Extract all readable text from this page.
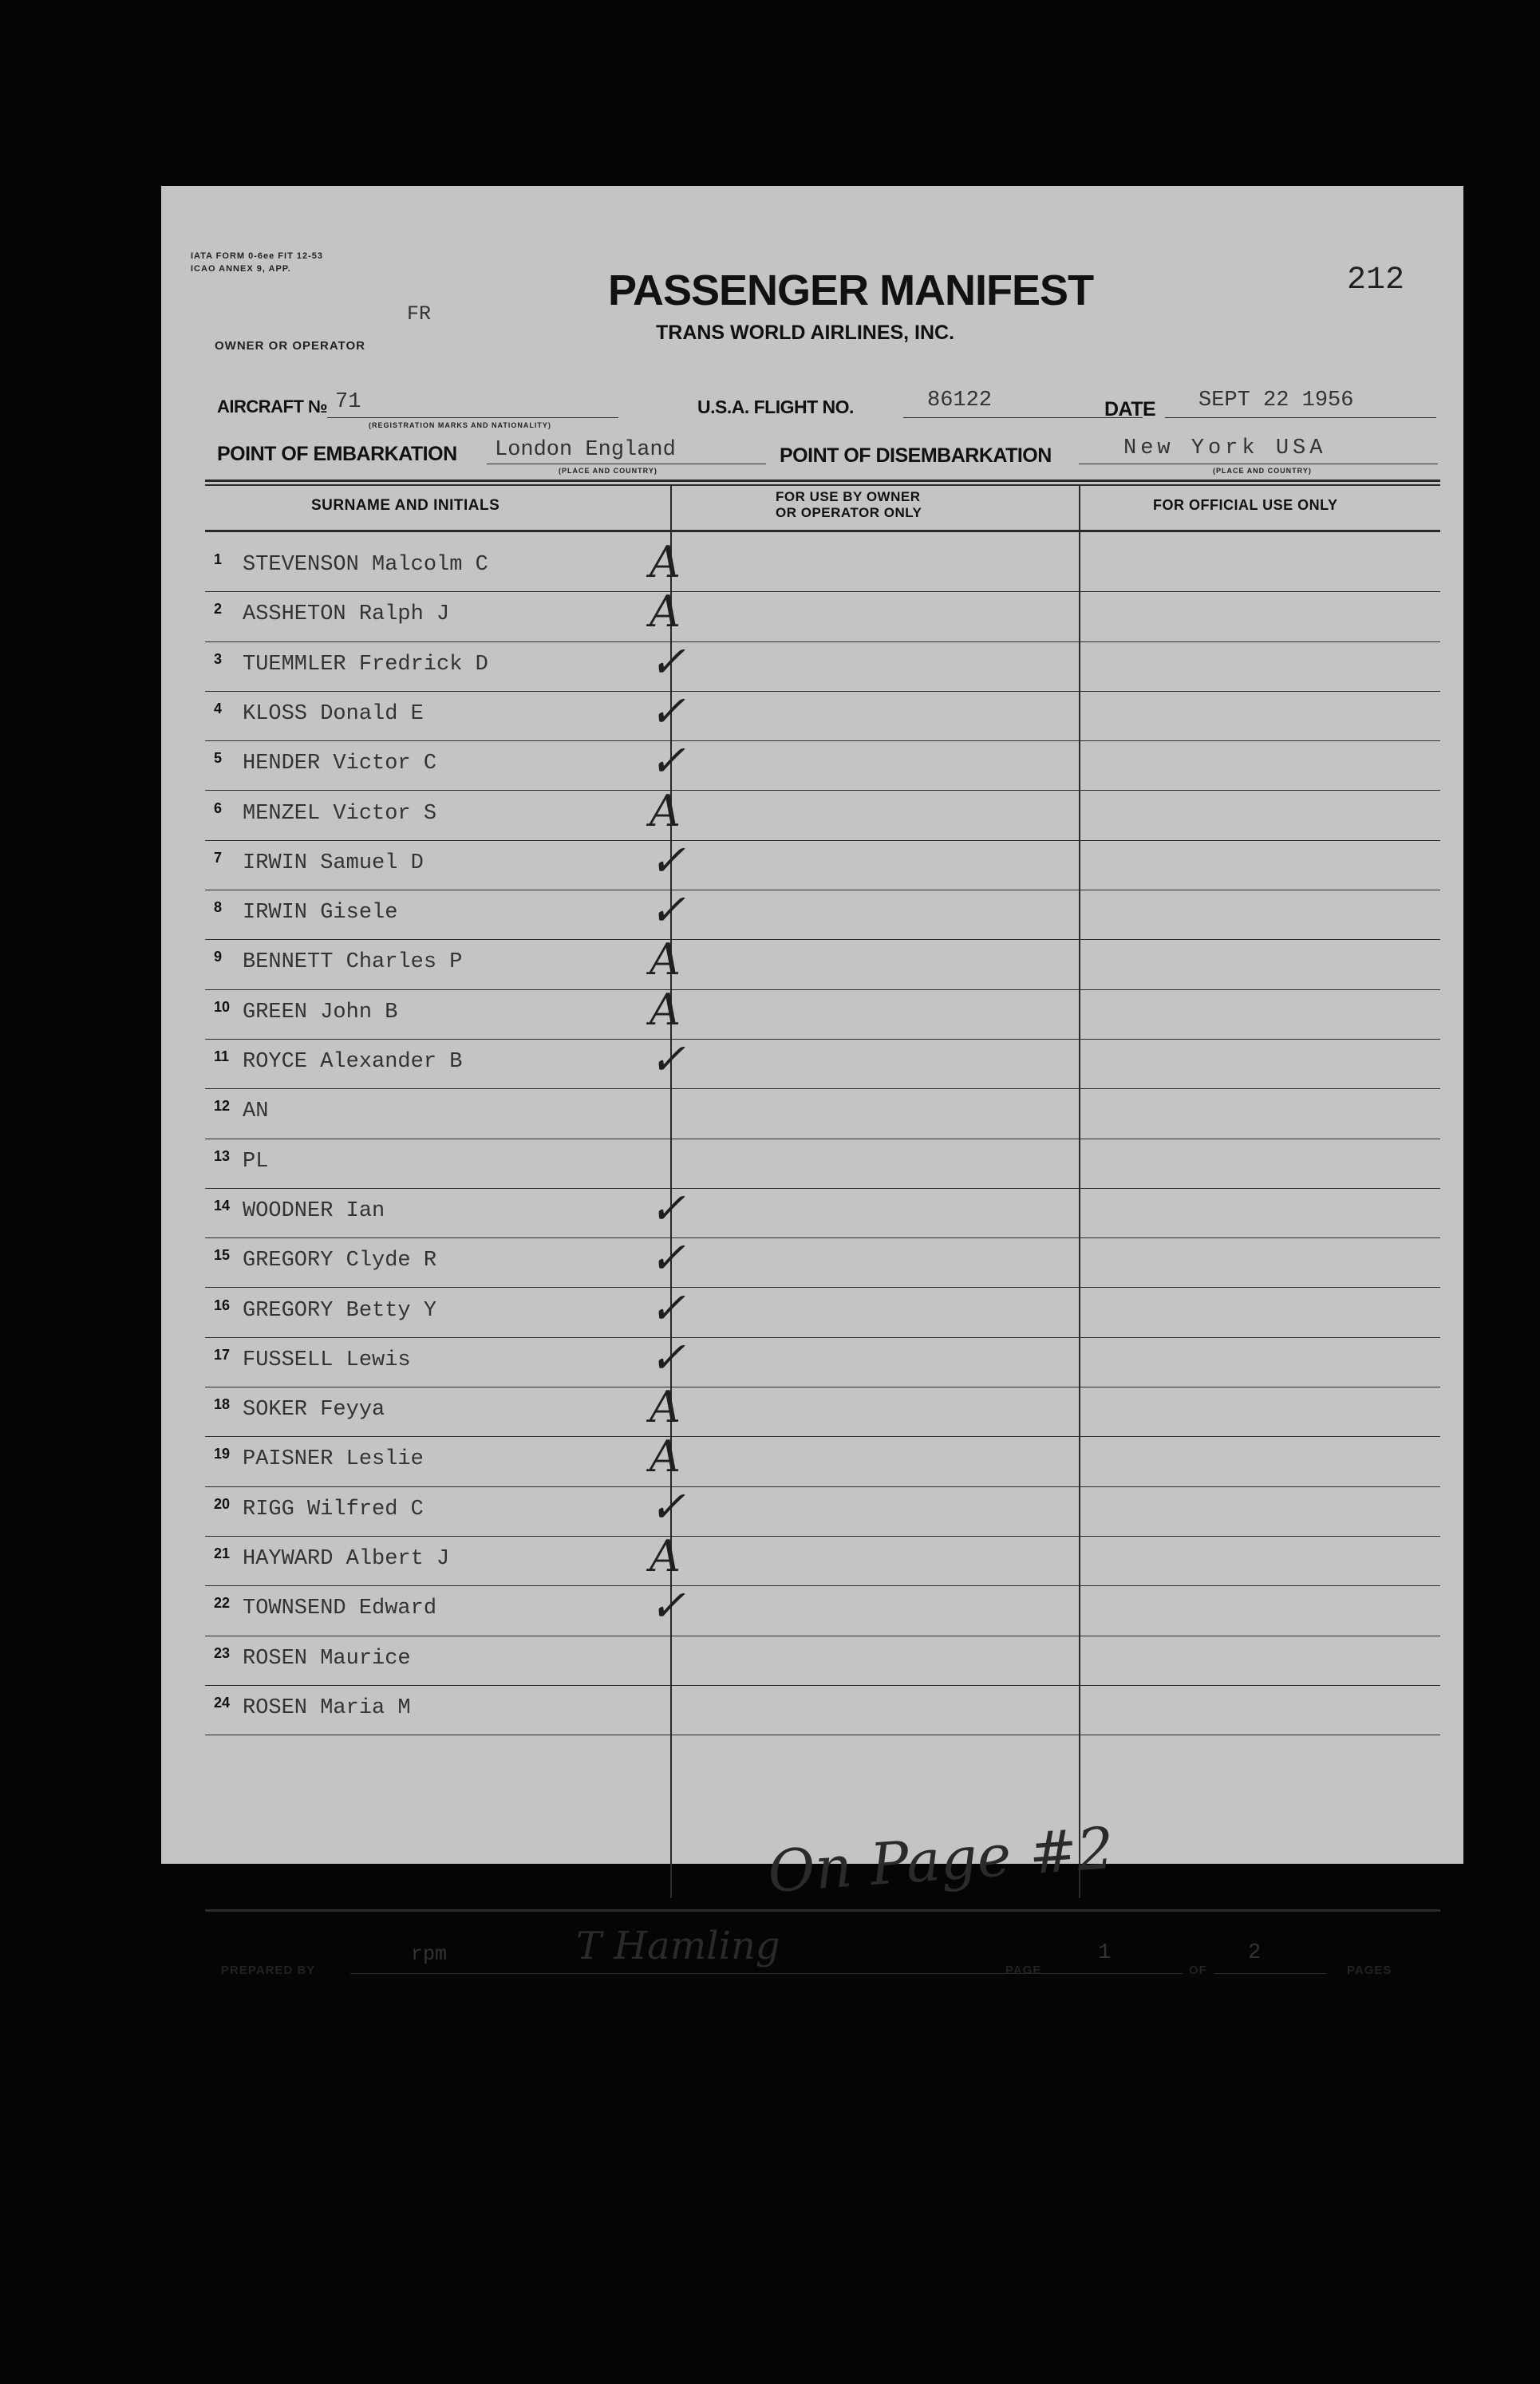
IATA FORM 0-6ee FIT 12-53
ICAO ANNEX 9, APP.
FR
OWNER OR OPERATOR
PASSENGER MANIFEST
TRANS WORLD AIRLINES, INC.
212
AIRCRAFT № 71
(REGISTRATION MARKS AND NATIONALITY)
U.S.A. FLIGHT NO.	86122	DATE SEPT 22 1956
POINT OF EMBARKATION London England
(PLACE AND COUNTRY)
POINT OF DISEMBARKATION	New York USA
(PLACE AND COUNTRY)
SURNAME AND INITIALS
FOR USE BY OWNER
OR OPERATOR ONLY	FOR OFFICIAL USE ONLY
1 STEVENSON Malcolm C	A
2 ASSHETON Ralph J	A
3 TUEMMLER Fredrick D	✓
4 KLOSS Donald E	✓
5 HENDER Victor C	✓
6 MENZEL Victor S	A
7 IRWIN Samuel D	✓
8 IRWIN Gisele	✓
9 BENNETT Charles P	A
10 GREEN John B	A
11 ROYCE Alexander B	✓
12 AN
13 PL
14 WOODNER Ian	✓
15 GREGORY Clyde R	✓
16 GREGORY Betty Y	✓
17 FUSSELL Lewis	✓
18 SOKER Feyya	A
19 PAISNER Leslie	A
20 RIGG Wilfred C	✓
21 HAYWARD Albert J	A
22 TOWNSEND Edward	✓
23 ROSEN Maurice
24 ROSEN Maria M
On Page #2
PREPARED BY
rpm	T Hamling
PAGE
1
OF
2
PAGES
